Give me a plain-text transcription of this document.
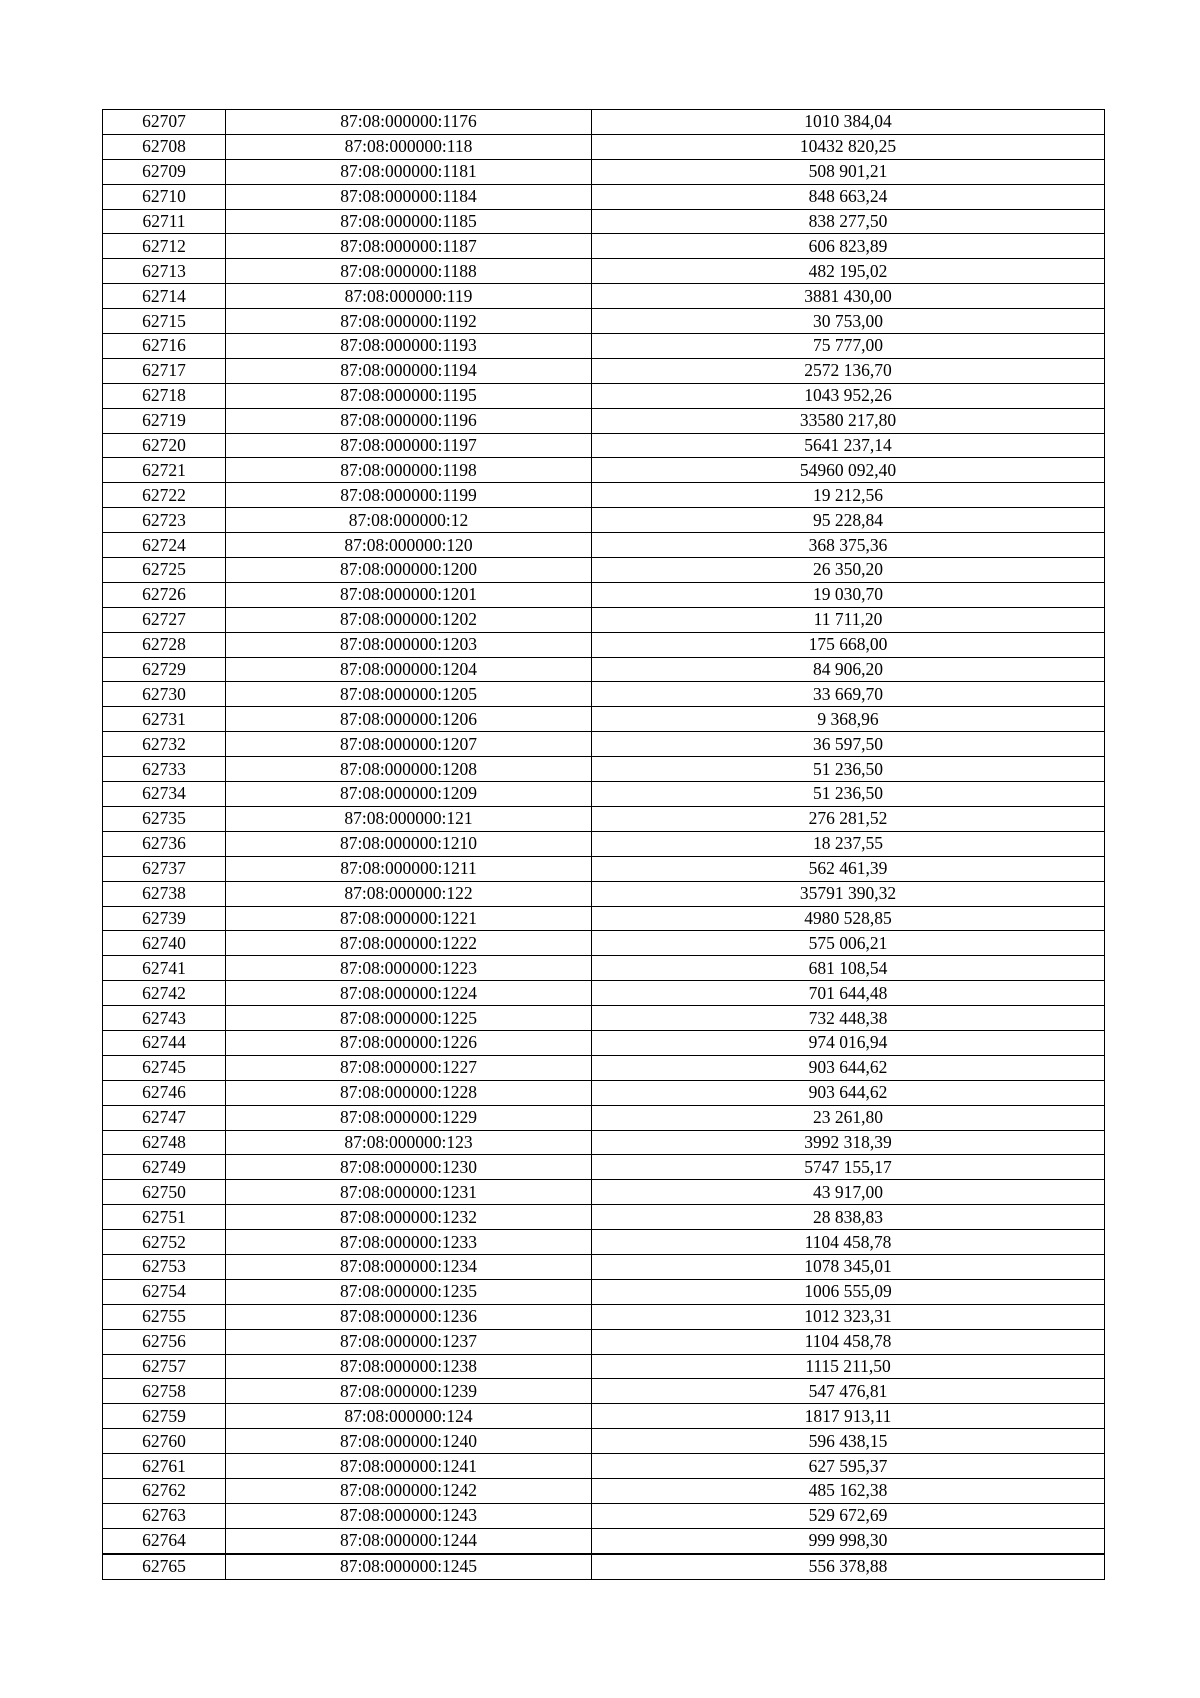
62707	87:08:000000:1176	1010 384,04
62708	87:08:000000:118	10432 820,25
62709	87:08:000000:1181	508 901,21
62710	87:08:000000:1184	848 663,24
62711	87:08:000000:1185	838 277,50
62712	87:08:000000:1187	606 823,89
62713	87:08:000000:1188	482 195,02
62714	87:08:000000:119	3881 430,00
62715	87:08:000000:1192	30 753,00
62716	87:08:000000:1193	75 777,00
62717	87:08:000000:1194	2572 136,70
62718	87:08:000000:1195	1043 952,26
62719	87:08:000000:1196	33580 217,80
62720	87:08:000000:1197	5641 237,14
62721	87:08:000000:1198	54960 092,40
62722	87:08:000000:1199	19 212,56
62723	87:08:000000:12	95 228,84
62724	87:08:000000:120	368 375,36
62725	87:08:000000:1200	26 350,20
62726	87:08:000000:1201	19 030,70
62727	87:08:000000:1202	11 711,20
62728	87:08:000000:1203	175 668,00
62729	87:08:000000:1204	84 906,20
62730	87:08:000000:1205	33 669,70
62731	87:08:000000:1206	9 368,96
62732	87:08:000000:1207	36 597,50
62733	87:08:000000:1208	51 236,50
62734	87:08:000000:1209	51 236,50
62735	87:08:000000:121	276 281,52
62736	87:08:000000:1210	18 237,55
62737	87:08:000000:1211	562 461,39
62738	87:08:000000:122	35791 390,32
62739	87:08:000000:1221	4980 528,85
62740	87:08:000000:1222	575 006,21
62741	87:08:000000:1223	681 108,54
62742	87:08:000000:1224	701 644,48
62743	87:08:000000:1225	732 448,38
62744	87:08:000000:1226	974 016,94
62745	87:08:000000:1227	903 644,62
62746	87:08:000000:1228	903 644,62
62747	87:08:000000:1229	23 261,80
62748	87:08:000000:123	3992 318,39
62749	87:08:000000:1230	5747 155,17
62750	87:08:000000:1231	43 917,00
62751	87:08:000000:1232	28 838,83
62752	87:08:000000:1233	1104 458,78
62753	87:08:000000:1234	1078 345,01
62754	87:08:000000:1235	1006 555,09
62755	87:08:000000:1236	1012 323,31
62756	87:08:000000:1237	1104 458,78
62757	87:08:000000:1238	1115 211,50
62758	87:08:000000:1239	547 476,81
62759	87:08:000000:124	1817 913,11
62760	87:08:000000:1240	596 438,15
62761	87:08:000000:1241	627 595,37
62762	87:08:000000:1242	485 162,38
62763	87:08:000000:1243	529 672,69
62764	87:08:000000:1244	999 998,30
62765	87:08:000000:1245	556 378,88
